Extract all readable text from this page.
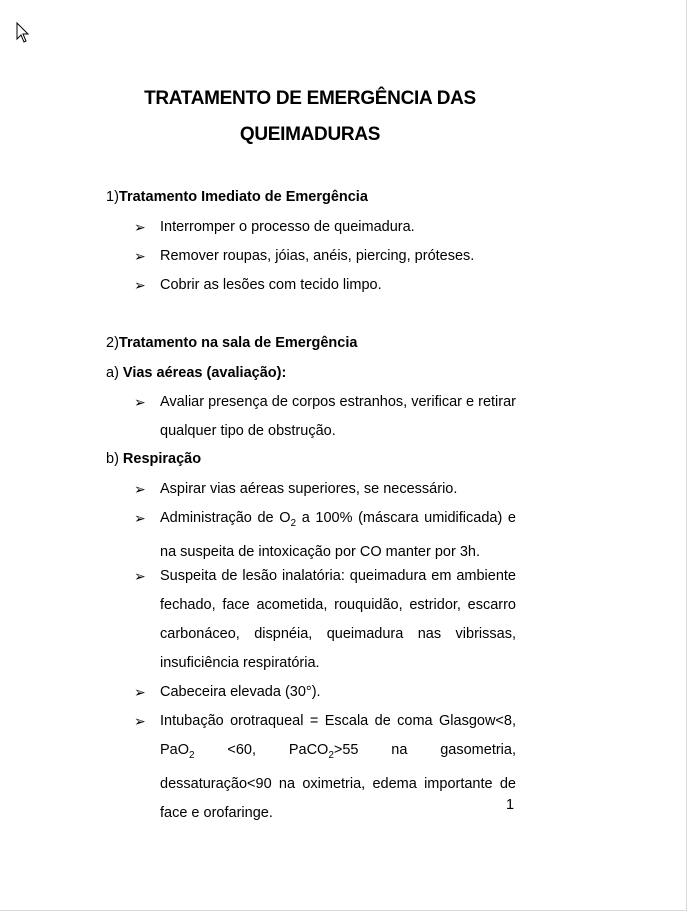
TRATAMENTO DE EMERGÊNCIA DAS
QUEIMADURAS
1)Tratamento Imediato de Emergência
➢ Interromper o processo de queimadura.
➢ Remover roupas, jóias, anéis, piercing, próteses.
➢ Cobrir as lesões com tecido limpo.
2)Tratamento na sala de Emergência
a) Vias aéreas (avaliação):
➢ Avaliar presença de corpos estranhos, verificar e retirar qualquer tipo de obstrução.
b) Respiração
➢ Aspirar vias aéreas superiores, se necessário.
➢ Administração de $O_2$ a 100% (máscara umidificada) e na suspeita de intoxicação por CO manter por 3h.
➢ Suspeita de lesão inalatória: queimadura em ambiente fechado, face acometida, rouquidão, estridor, escarro carbonáceo, dispnéia, queimadura nas vibrissas, insuficiência respiratória.
➢ Cabeceira elevada (30°).
➢ Intubação orotraqueal = Escala de coma Glasgow<8, PaO$_2$ <60, PaCO$_2$>55 na gasometria, dessaturação<90 na oximetria, edema importante de face e orofaringe.	1
